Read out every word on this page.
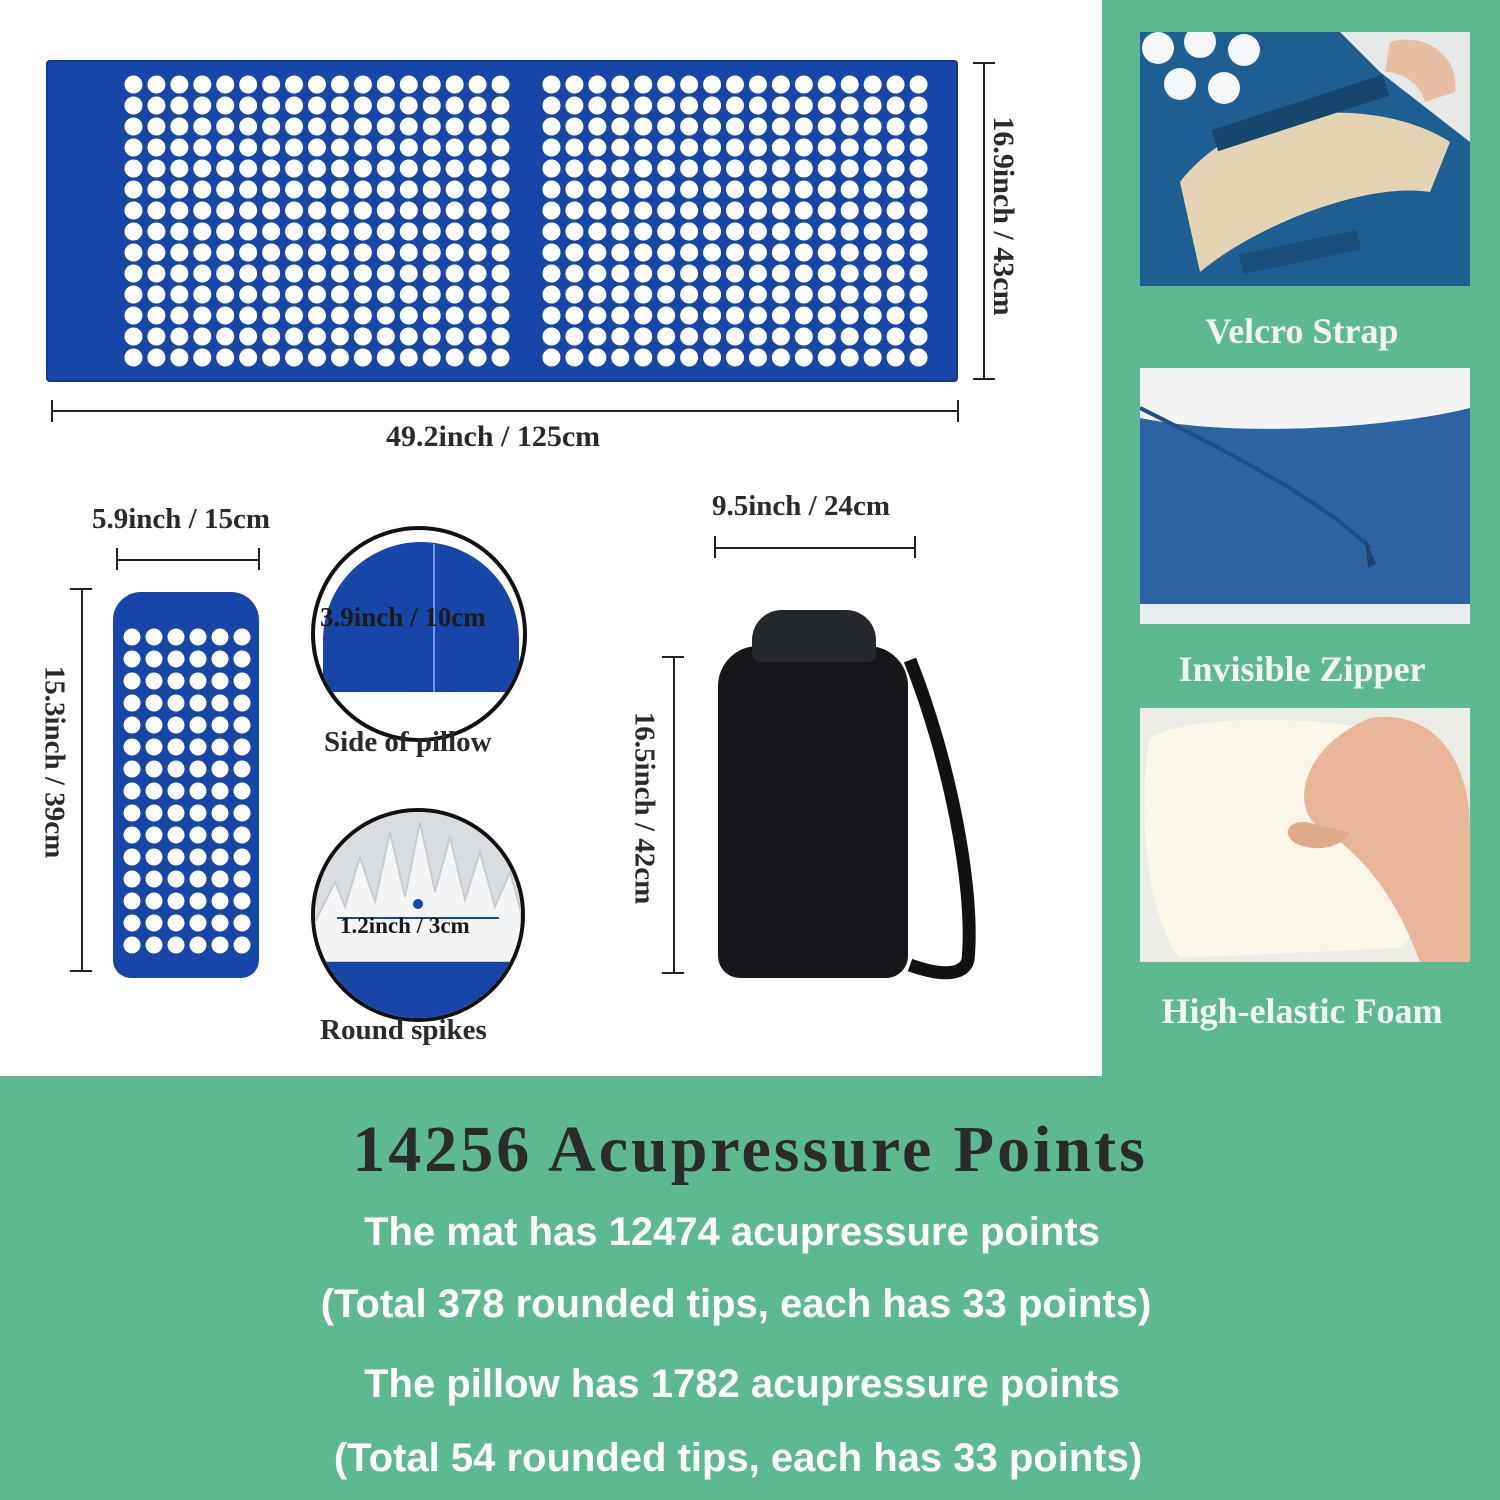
16.9inch / 43cm
49.2inch / 125cm
5.9inch / 15cm
15.3inch / 39cm
3.9inch / 10cm
Side of pillow
1.2inch / 3cm
Round spikes
9.5inch / 24cm
16.5inch / 42cm
Velcro Strap
Invisible Zipper
High-elastic Foam
14256 Acupressure Points
The mat has 12474 acupressure points
(Total 378 rounded tips, each has 33 points)
The pillow has 1782 acupressure points
(Total 54 rounded tips, each has 33 points)
